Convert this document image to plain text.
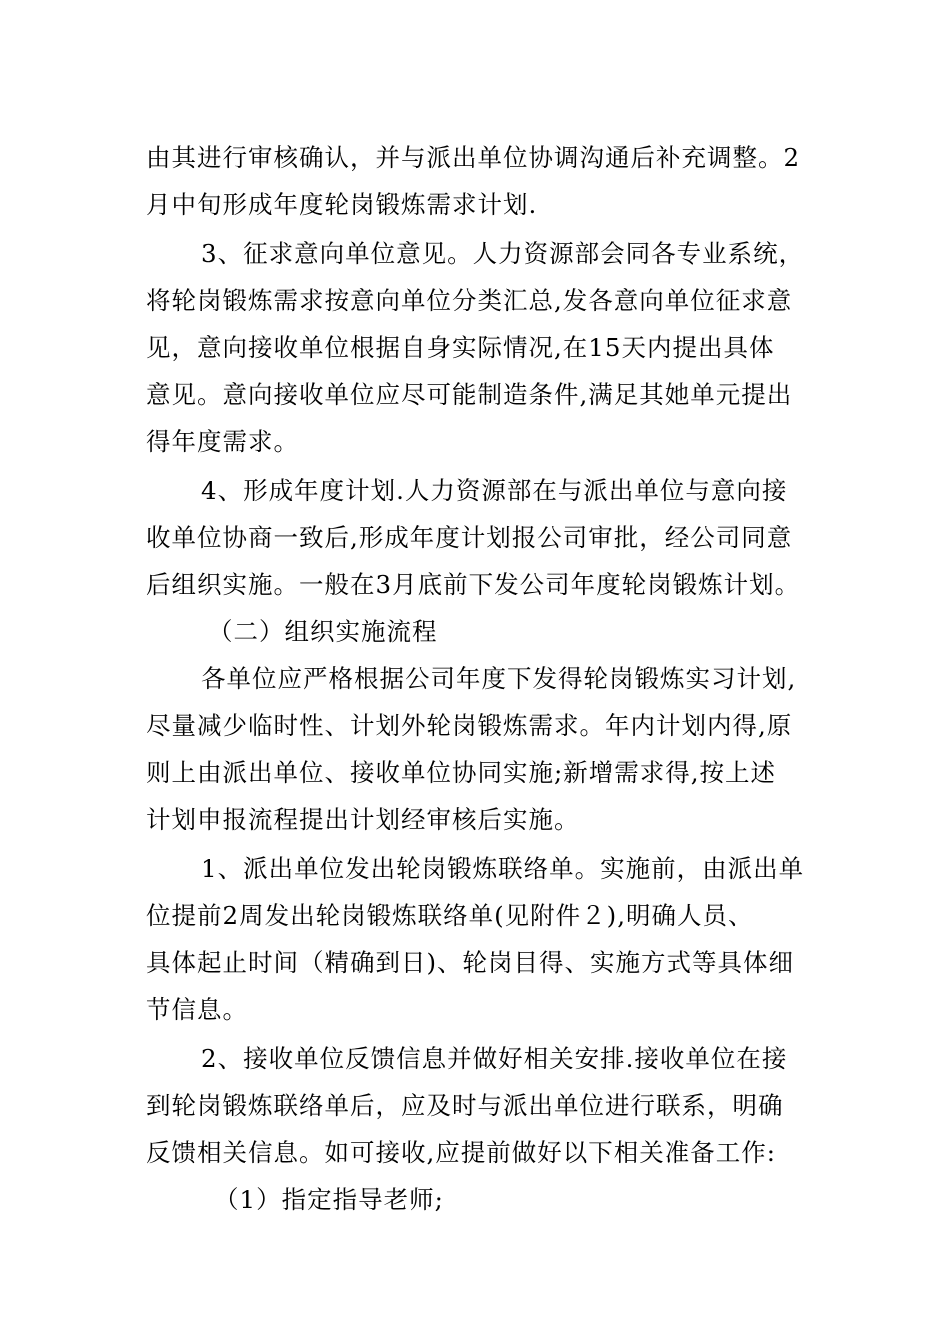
由其进行审核确认，并与派出单位协调沟通后补充调整。2
月中旬形成年度轮岗锻炼需求计划.
3、征求意向单位意见。人力资源部会同各专业系统，
将轮岗锻炼需求按意向单位分类汇总,发各意向单位征求意
见，意向接收单位根据自身实际情况,在15天内提出具体
意见。意向接收单位应尽可能制造条件,满足其她单元提出
得年度需求。
4、形成年度计划.人力资源部在与派出单位与意向接
收单位协商一致后,形成年度计划报公司审批，经公司同意
后组织实施。一般在3月底前下发公司年度轮岗锻炼计划。
（二）组织实施流程
各单位应严格根据公司年度下发得轮岗锻炼实习计划,
尽量减少临时性、计划外轮岗锻炼需求。年内计划内得,原
则上由派出单位、接收单位协同实施;新增需求得,按上述
计划申报流程提出计划经审核后实施。
1、派出单位发出轮岗锻炼联络单。实施前，由派出单
位提前2周发出轮岗锻炼联络单(见附件２),明确人员、
具体起止时间（精确到日)、轮岗目得、实施方式等具体细
节信息。
2、接收单位反馈信息并做好相关安排.接收单位在接
到轮岗锻炼联络单后，应及时与派出单位进行联系，明确
反馈相关信息。如可接收,应提前做好以下相关准备工作:
（1）指定指导老师;
